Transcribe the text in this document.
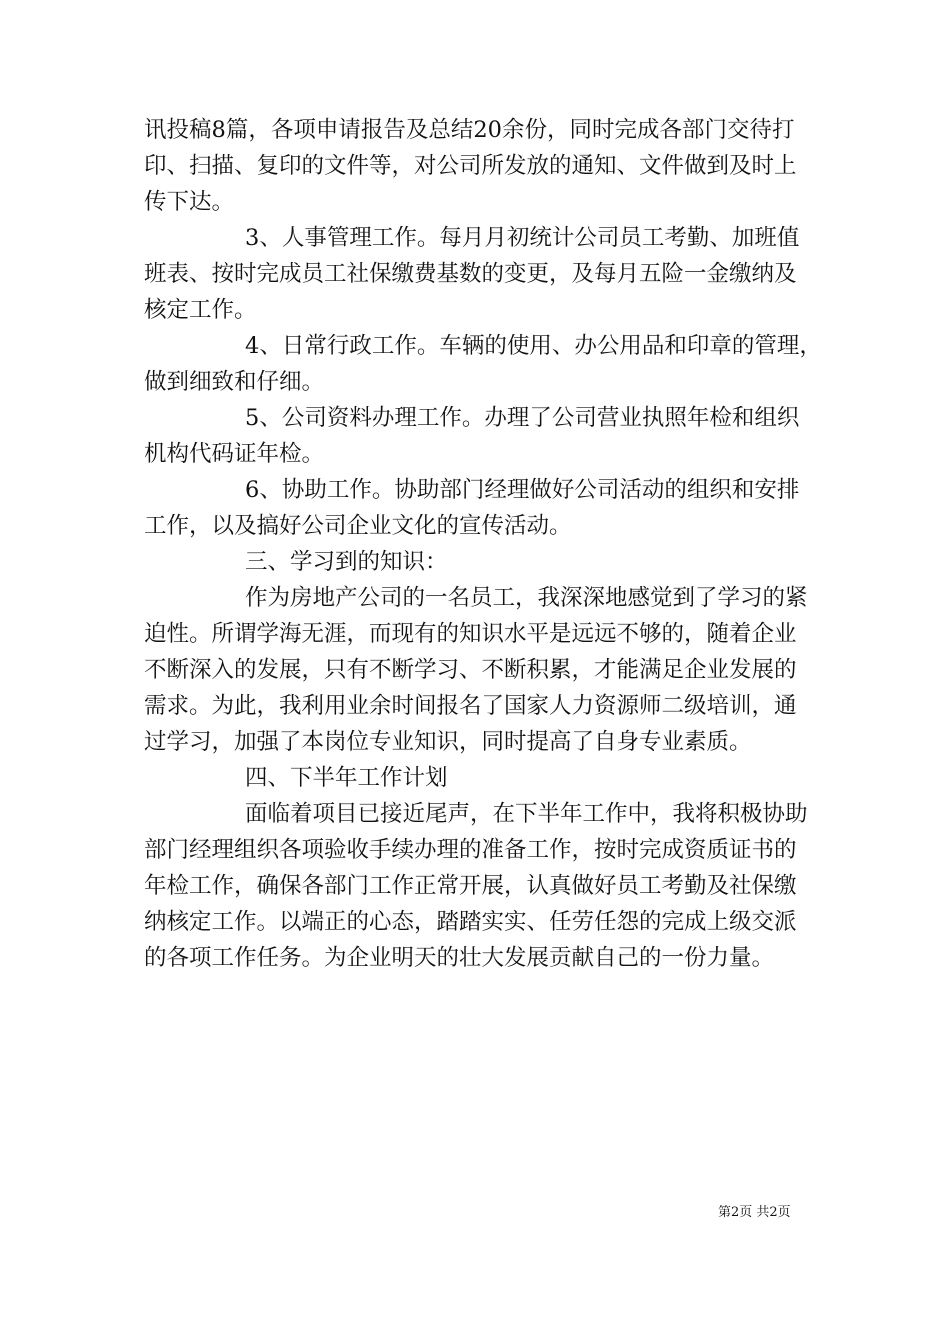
讯投稿8篇，各项申请报告及总结20余份，同时完成各部门交待打

印、扫描、复印的文件等，对公司所发放的通知、文件做到及时上

传下达。

3、人事管理工作。每月月初统计公司员工考勤、加班值

班表、按时完成员工社保缴费基数的变更，及每月五险一金缴纳及

核定工作。

4、日常行政工作。车辆的使用、办公用品和印章的管理，

做到细致和仔细。

5、公司资料办理工作。办理了公司营业执照年检和组织

机构代码证年检。

6、协助工作。协助部门经理做好公司活动的组织和安排

工作，以及搞好公司企业文化的宣传活动。

三、学习到的知识：

作为房地产公司的一名员工，我深深地感觉到了学习的紧

迫性。所谓学海无涯，而现有的知识水平是远远不够的，随着企业

不断深入的发展，只有不断学习、不断积累，才能满足企业发展的

需求。为此，我利用业余时间报名了国家人力资源师二级培训，通

过学习，加强了本岗位专业知识，同时提高了自身专业素质。

四、下半年工作计划

面临着项目已接近尾声，在下半年工作中，我将积极协助

部门经理组织各项验收手续办理的准备工作，按时完成资质证书的

年检工作，确保各部门工作正常开展，认真做好员工考勤及社保缴

纳核定工作。以端正的心态，踏踏实实、任劳任怨的完成上级交派

的各项工作任务。为企业明天的壮大发展贡献自己的一份力量。

第2页 共2页
